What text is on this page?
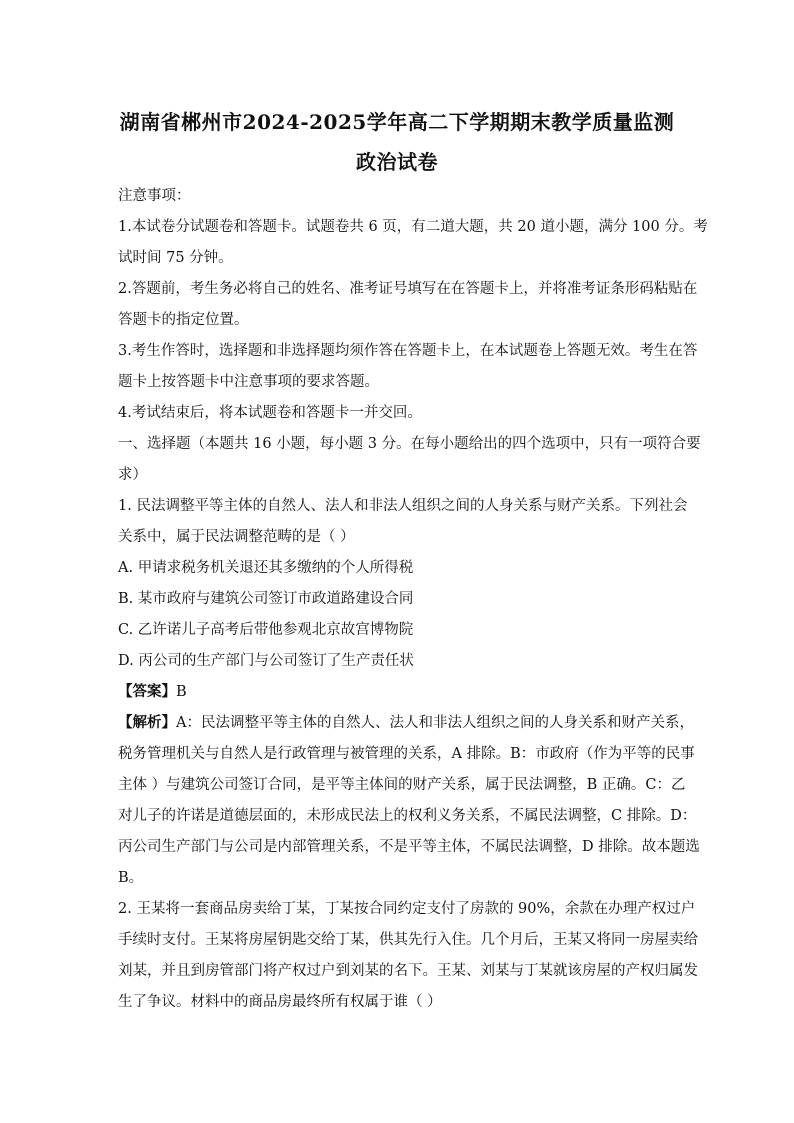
湖南省郴州市2024-2025学年高二下学期期末教学质量监测
政治试卷
注意事项：
1.本试卷分试题卷和答题卡。试题卷共 6 页，有二道大题，共 20 道小题，满分 100 分。考
试时间 75 分钟。
2.答题前，考生务必将自己的姓名、准考证号填写在在答题卡上，并将准考证条形码粘贴在
答题卡的指定位置。
3.考生作答时，选择题和非选择题均须作答在答题卡上，在本试题卷上答题无效。考生在答
题卡上按答题卡中注意事项的要求答题。
4.考试结束后，将本试题卷和答题卡一并交回。
一、选择题（本题共 16 小题，每小题 3 分。在每小题给出的四个选项中，只有一项符合要
求）
1. 民法调整平等主体的自然人、法人和非法人组织之间的人身关系与财产关系。下列社会
关系中，属于民法调整范畴的是（ ）
A. 甲请求税务机关退还其多缴纳的个人所得税
B. 某市政府与建筑公司签订市政道路建设合同
C. 乙许诺儿子高考后带他参观北京故宫博物院
D. 丙公司的生产部门与公司签订了生产责任状
【答案】B
【解析】A：民法调整平等主体的自然人、法人和非法人组织之间的人身关系和财产关系，
税务管理机关与自然人是行政管理与被管理的关系，A 排除。B：市政府（作为平等的民事
主体 ）与建筑公司签订合同，是平等主体间的财产关系，属于民法调整，B 正确。C：乙
对儿子的许诺是道德层面的，未形成民法上的权利义务关系，不属民法调整，C 排除。D：
丙公司生产部门与公司是内部管理关系，不是平等主体，不属民法调整，D 排除。故本题选
B。
2. 王某将一套商品房卖给丁某，丁某按合同约定支付了房款的 90%，余款在办理产权过户
手续时支付。王某将房屋钥匙交给丁某，供其先行入住。几个月后，王某又将同一房屋卖给
刘某，并且到房管部门将产权过户到刘某的名下。王某、刘某与丁某就该房屋的产权归属发
生了争议。材料中的商品房最终所有权属于谁（ ）
